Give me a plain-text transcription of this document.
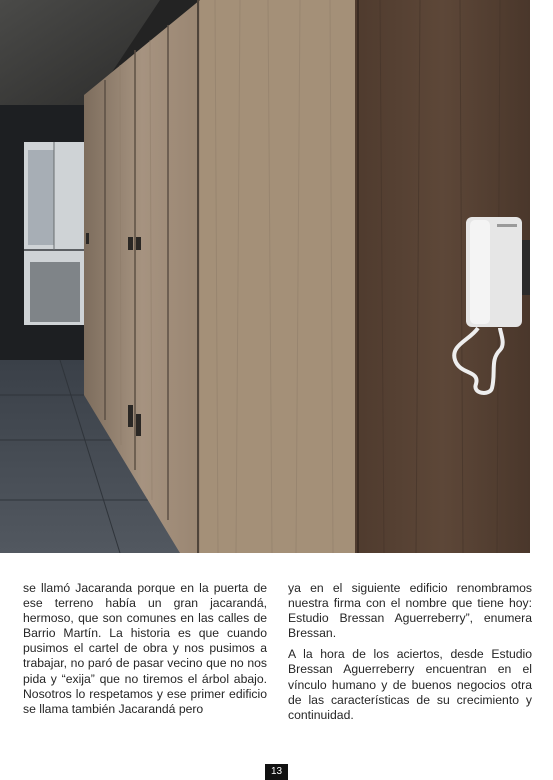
se llamó Jacaranda porque en la puerta de ese terreno había un gran jacarandá, hermoso, que son comunes en las calles de Barrio Martín. La historia es que cuando pusimos el cartel de obra y nos pusimos a trabajar, no paró de pasar vecino que no nos pida y “exija” que no tiremos el árbol abajo. Nosotros lo respetamos y ese primer edificio se llama también Jacarandá pero

ya en el siguiente edificio renombramos nuestra firma con el nombre que tiene hoy: Estudio Bressan Aguerreberry”, enumera Bressan.

A la hora de los aciertos, desde Estudio Bressan Aguerreberry encuentran en el vínculo humano y de buenos negocios otra de las características de su crecimiento y continuidad.

13
